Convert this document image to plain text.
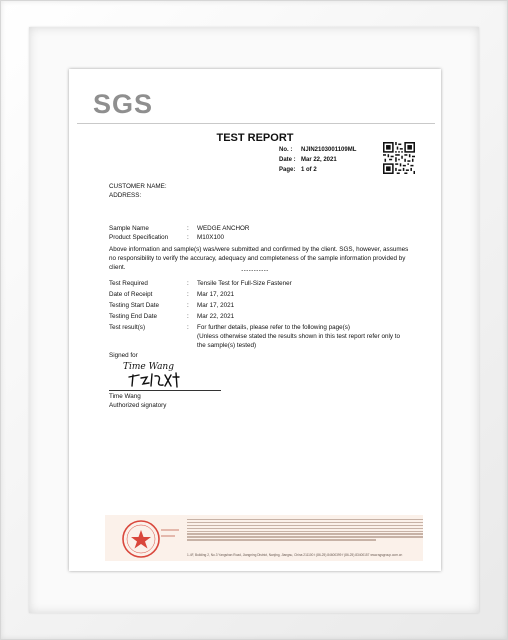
SGS
TEST REPORT
No. :	NJIN2103001109ML
Date : Mar 22, 2021
Page: 1 of 2
CUSTOMER NAME:
ADDRESS:
Sample Name	:	WEDGE ANCHOR
Product Specification	:	M10X100
Above information and sample(s) was/were submitted and confirmed by the client. SGS, however, assumes no responsibility to verify the accuracy, adequacy and completeness of the sample information provided by client.	-----------
Test Required	:	Tensile Test for Full-Size Fastener
Date of Receipt	:	Mar 17, 2021
Testing Start Date	:	Mar 17, 2021
Testing End Date	:	Mar 22, 2021
Test result(s)	:	For further details, please refer to the following page(s)
(Unless otherwise stated the results shown in this test report refer only to
the sample(s) tested)
Signed for
Time Wang
Time Wang
Authorized signatory
1-4F, Building 2, No.3 Yangshan Road, Jiangning District, Nanjing, Jiangsu, China 211100 t (86-25) 84600399 f (86-25) 83400157 www.sgsgroup.com.cn
